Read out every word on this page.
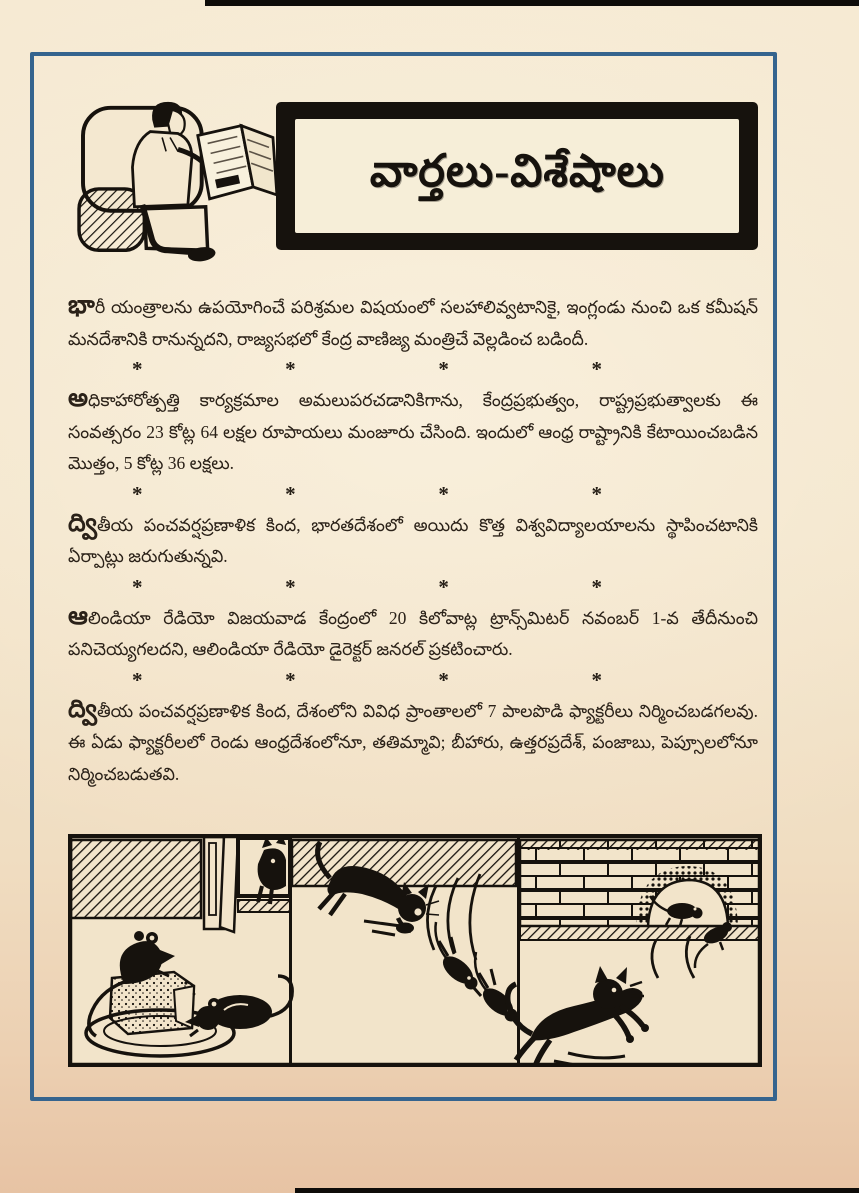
వార్తలు-విశేషాలు

భారీ యంత్రాలను ఉపయోగించే పరిశ్రమల విషయంలో సలహాలివ్వటానికై, ఇంగ్లండు నుంచి ఒక కమీషన్ మనదేశానికి రానున్నదని, రాజ్యసభలో కేంద్ర వాణిజ్య మంత్రిచే వెల్లడించ బడిందీ.

*	*	*	*

అధికాహారోత్పత్తి కార్యక్రమాల అమలుపరచడానికిగాను, కేంద్రప్రభుత్వం, రాష్ట్రప్రభుత్వాలకు ఈ సంవత్సరం 23 కోట్ల 64 లక్షల రూపాయలు మంజూరు చేసింది. ఇందులో ఆంధ్ర రాష్ట్రానికి కేటాయించబడిన మొత్తం, 5 కోట్ల 36 లక్షలు.

*	*	*	*

ద్వితీయ పంచవర్షప్రణాళిక కింద, భారతదేశంలో అయిదు కొత్త విశ్వవిద్యాలయాలను స్థాపించటానికి ఏర్పాట్లు జరుగుతున్నవి.

*	*	*	*

ఆలిండియా రేడియో విజయవాడ కేంద్రంలో 20 కిలోవాట్ల ట్రాన్స్‌మిటర్ నవంబర్ 1-వ తేదీనుంచి పనిచెయ్యగలదని, ఆలిండియా రేడియో డైరెక్టర్ జనరల్ ప్రకటించారు.

*	*	*	*

ద్వితీయ పంచవర్షప్రణాళిక కింద, దేశంలోని వివిధ ప్రాంతాలలో 7 పాలపొడి ఫ్యాక్టరీలు నిర్మించబడగలవు. ఈ ఏడు ఫ్యాక్టరీలలో రెండు ఆంధ్రదేశంలోనూ, తతిమ్మావి; బీహారు, ఉత్తరప్రదేశ్, పంజాబు, పెప్సూలలోనూ నిర్మించబడుతవి.
